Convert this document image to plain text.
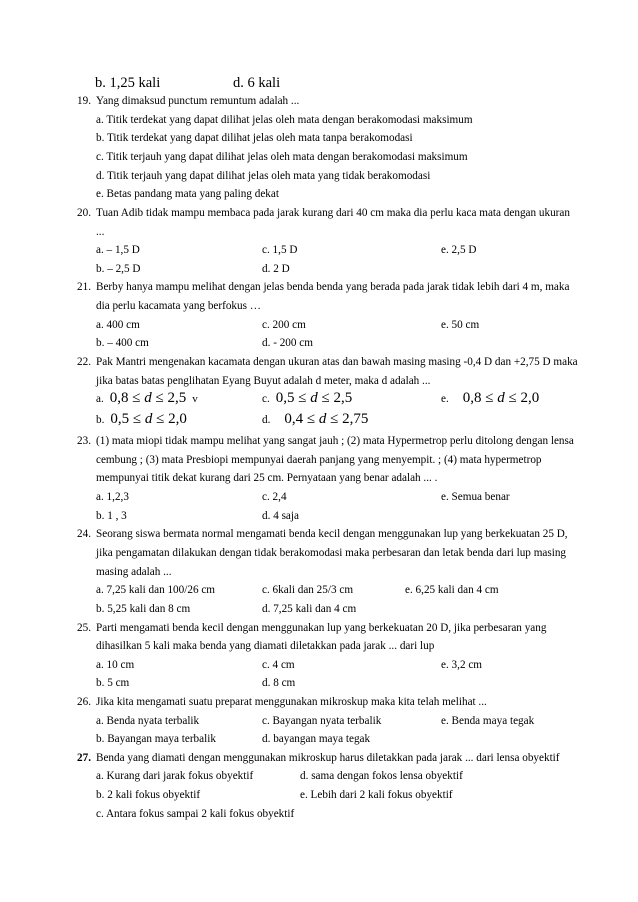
b. 1,25 kali	d. 6 kali
19. Yang dimaksud punctum remuntum adalah ...
a. Titik terdekat yang dapat dilihat jelas oleh mata dengan berakomodasi maksimum
b. Titik terdekat yang dapat dilihat jelas oleh mata tanpa berakomodasi
c. Titik terjauh yang dapat dilihat jelas oleh mata dengan berakomodasi maksimum
d. Titik terjauh yang dapat dilihat jelas oleh mata yang tidak berakomodasi
e. Betas pandang mata yang paling dekat
20. Tuan Adib tidak mampu membaca pada jarak kurang dari 40 cm maka dia perlu kaca mata dengan ukuran
...
a. – 1,5 D	c. 1,5 D	e. 2,5 D
b. – 2,5 D	d. 2 D
21. Berby hanya mampu melihat dengan jelas benda benda yang berada pada jarak tidak lebih dari 4 m, maka
dia perlu kacamata yang berfokus …
a. 400 cm	c. 200 cm	e. 50 cm
b. – 400 cm	d. - 200 cm
22. Pak Mantri mengenakan kacamata dengan ukuran atas dan bawah masing masing -0,4 D dan +2,75 D maka
jika batas batas penglihatan Eyang Buyut adalah d meter, maka d adalah ...
a. 0,8 ≤ d ≤ 2,5 v	c. 0,5 ≤ d ≤ 2,5	e. 0,8 ≤ d ≤ 2,0
b. 0,5 ≤ d ≤ 2,0	d. 0,4 ≤ d ≤ 2,75
23. (1) mata miopi tidak mampu melihat yang sangat jauh ; (2) mata Hypermetrop perlu ditolong dengan lensa
cembung ; (3) mata Presbiopi mempunyai daerah panjang yang menyempit. ; (4) mata hypermetrop
mempunyai titik dekat kurang dari 25 cm. Pernyataan yang benar adalah ... .
a. 1,2,3	c. 2,4	e. Semua benar
b. 1 , 3	d. 4 saja
24. Seorang siswa bermata normal mengamati benda kecil dengan menggunakan lup yang berkekuatan 25 D,
jika pengamatan dilakukan dengan tidak berakomodasi maka perbesaran dan letak benda dari lup masing
masing adalah ...
a. 7,25 kali dan 100/26 cm	c. 6kali dan 25/3 cm	e. 6,25 kali dan 4 cm
b. 5,25 kali dan 8 cm	d. 7,25 kali dan 4 cm
25. Parti mengamati benda kecil dengan menggunakan lup yang berkekuatan 20 D, jika perbesaran yang
dihasilkan 5 kali maka benda yang diamati diletakkan pada jarak ... dari lup
a. 10 cm	c. 4 cm	e. 3,2 cm
b. 5 cm	d. 8 cm
26. Jika kita mengamati suatu preparat menggunakan mikroskup maka kita telah melihat ...
a. Benda nyata terbalik	c. Bayangan nyata terbalik	e. Benda maya tegak
b. Bayangan maya terbalik	d. bayangan maya tegak
27. Benda yang diamati dengan menggunakan mikroskup harus diletakkan pada jarak ... dari lensa obyektif
a. Kurang dari jarak fokus obyektif	d. sama dengan fokos lensa obyektif
b. 2 kali fokus obyektif	e. Lebih dari 2 kali fokus obyektif
c. Antara fokus sampai 2 kali fokus obyektif
